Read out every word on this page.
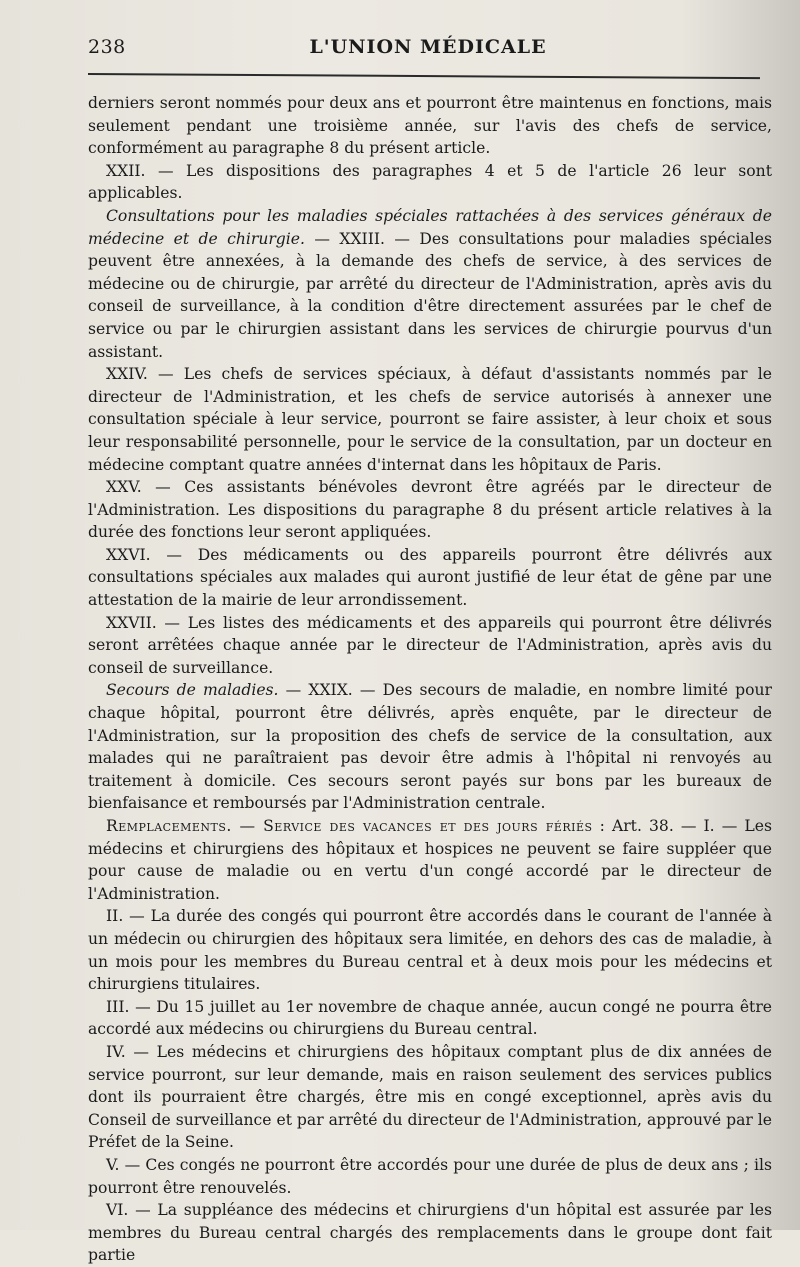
238	L'UNION MÉDICALE

derniers seront nommés pour deux ans et pourront être maintenus en fonctions, mais seulement pendant une troisième année, sur l'avis des chefs de service, conformément au paragraphe 8 du présent article.

XXII. — Les dispositions des paragraphes 4 et 5 de l'article 26 leur sont applicables.

Consultations pour les maladies spéciales rattachées à des services généraux de médecine et de chirurgie. — XXIII. — Des consultations pour maladies spéciales peuvent être annexées, à la demande des chefs de service, à des services de médecine ou de chirurgie, par arrêté du directeur de l'Administration, après avis du conseil de surveillance, à la condition d'être directement assurées par le chef de service ou par le chirurgien assistant dans les services de chirurgie pourvus d'un assistant.

XXIV. — Les chefs de services spéciaux, à défaut d'assistants nommés par le directeur de l'Administration, et les chefs de service autorisés à annexer une consultation spéciale à leur service, pourront se faire assister, à leur choix et sous leur responsabilité personnelle, pour le service de la consultation, par un docteur en médecine comptant quatre années d'internat dans les hôpitaux de Paris.

XXV. — Ces assistants bénévoles devront être agréés par le directeur de l'Administration. Les dispositions du paragraphe 8 du présent article relatives à la durée des fonctions leur seront appliquées.

XXVI. — Des médicaments ou des appareils pourront être délivrés aux consultations spéciales aux malades qui auront justifié de leur état de gêne par une attestation de la mairie de leur arrondissement.

XXVII. — Les listes des médicaments et des appareils qui pourront être délivrés seront arrêtées chaque année par le directeur de l'Administration, après avis du conseil de surveillance.

Secours de maladies. — XXIX. — Des secours de maladie, en nombre limité pour chaque hôpital, pourront être délivrés, après enquête, par le directeur de l'Administration, sur la proposition des chefs de service de la consultation, aux malades qui ne paraîtraient pas devoir être admis à l'hôpital ni renvoyés au traitement à domicile. Ces secours seront payés sur bons par les bureaux de bienfaisance et remboursés par l'Administration centrale.

Remplacements. — Service des vacances et des jours fériés : Art. 38. — I. — Les médecins et chirurgiens des hôpitaux et hospices ne peuvent se faire suppléer que pour cause de maladie ou en vertu d'un congé accordé par le directeur de l'Administration.

II. — La durée des congés qui pourront être accordés dans le courant de l'année à un médecin ou chirurgien des hôpitaux sera limitée, en dehors des cas de maladie, à un mois pour les membres du Bureau central et à deux mois pour les médecins et chirurgiens titulaires.

III. — Du 15 juillet au 1er novembre de chaque année, aucun congé ne pourra être accordé aux médecins ou chirurgiens du Bureau central.

IV. — Les médecins et chirurgiens des hôpitaux comptant plus de dix années de service pourront, sur leur demande, mais en raison seulement des services publics dont ils pourraient être chargés, être mis en congé exceptionnel, après avis du Conseil de surveillance et par arrêté du directeur de l'Administration, approuvé par le Préfet de la Seine.

V. — Ces congés ne pourront être accordés pour une durée de plus de deux ans ; ils pourront être renouvelés.

VI. — La suppléance des médecins et chirurgiens d'un hôpital est assurée par les membres du Bureau central chargés des remplacements dans le groupe dont fait partie
